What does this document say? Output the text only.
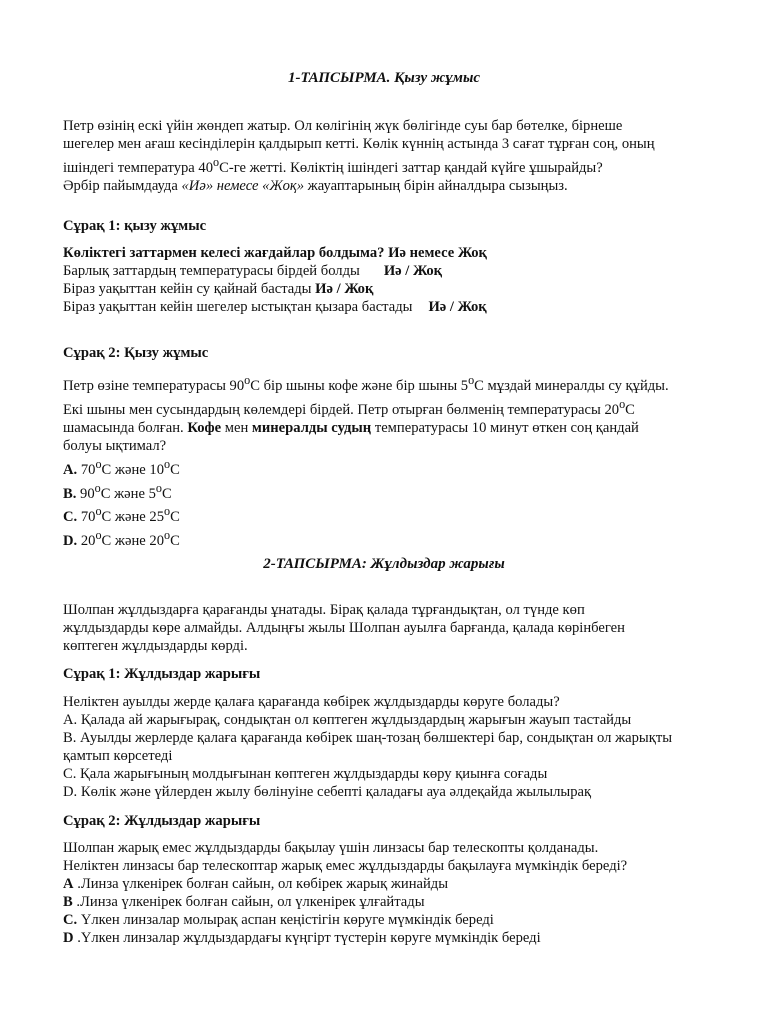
1-ТАПСЫРМА. Қызу жұмыс

Петр өзінің ескі үйін жөндеп жатыр. Ол көлігінің жүк бөлігінде суы бар бөтелке, бірнеше
шегелер мен ағаш кесінділерін қалдырып кетті. Көлік күннің астында 3 сағат тұрған соң, оның
ішіндегі температура $40^оС-ге$ жетті. Көліктің ішіндегі заттар қандай күйге ұшырайды?
Әрбір пайымдауда «Иә» немесе «Жоқ» жауаптарының бірін айналдыра сызыңыз.

Сұрақ 1: қызу жұмыс

Көліктегі заттармен келесі жағдайлар болдыма? Иә немесе Жоқ
Барлық заттардың температурасы бірдей болды Иә / Жоқ
Біраз уақыттан кейін су қайнай бастады Иә / Жоқ
Біраз уақыттан кейін шегелер ыстықтан қызара бастады Иә / Жоқ

Сұрақ 2: Қызу жұмыс

Петр өзіне температурасы $90^оС$ бір шыны кофе және бір шыны $5^оС$ мұздай минералды су құйды.
Екі шыны мен сусындардың көлемдері бірдей. Петр отырған бөлменің температурасы $20^оС$
шамасында болған. Кофе мен минералды судың температурасы 10 минут өткен соң қандай
болуы ықтимал?
A. $70^оС$ және $10^оС$
B. $90^оС$ және $5^оС$
C. $70^оС$ және $25^оС$
D. $20^оС$ және $20^оС$

2-ТАПСЫРМА: Жұлдыздар жарығы

Шолпан жұлдыздарға қарағанды ұнатады. Бірақ қалада тұрғандықтан, ол түнде көп
жұлдыздарды көре алмайды. Алдыңғы жылы Шолпан ауылға барғанда, қалада көрінбеген
көптеген жұлдыздарды көрді.

Сұрақ 1: Жұлдыздар жарығы

Неліктен ауылды жерде қалаға қарағанда көбірек жұлдыздарды көруге болады?
A. Қалада ай жарығырақ, сондықтан ол көптеген жұлдыздардың жарығын жауып тастайды
B. Ауылды жерлерде қалаға қарағанда көбірек шаң-тозаң бөлшектері бар, сондықтан ол жарықты
қамтып көрсетеді
C. Қала жарығының молдығынан көптеген жұлдыздарды көру қиынға соғады
D. Көлік және үйлерден жылу бөлінуіне себепті қаладағы ауа әлдеқайда жылылырақ

Сұрақ 2: Жұлдыздар жарығы

Шолпан жарық емес жұлдыздарды бақылау үшін линзасы бар телескопты қолданады.
Неліктен линзасы бар телескоптар жарық емес жұлдыздарды бақылауға мүмкіндік береді?
A .Линза үлкенірек болған сайын, ол көбірек жарық жинайды
B .Линза үлкенірек болған сайын, ол үлкенірек ұлғайтады
C. Үлкен линзалар молырақ аспан кеңістігін көруге мүмкіндік береді
D .Үлкен линзалар жұлдыздардағы күңгірт түстерін көруге мүмкіндік береді
